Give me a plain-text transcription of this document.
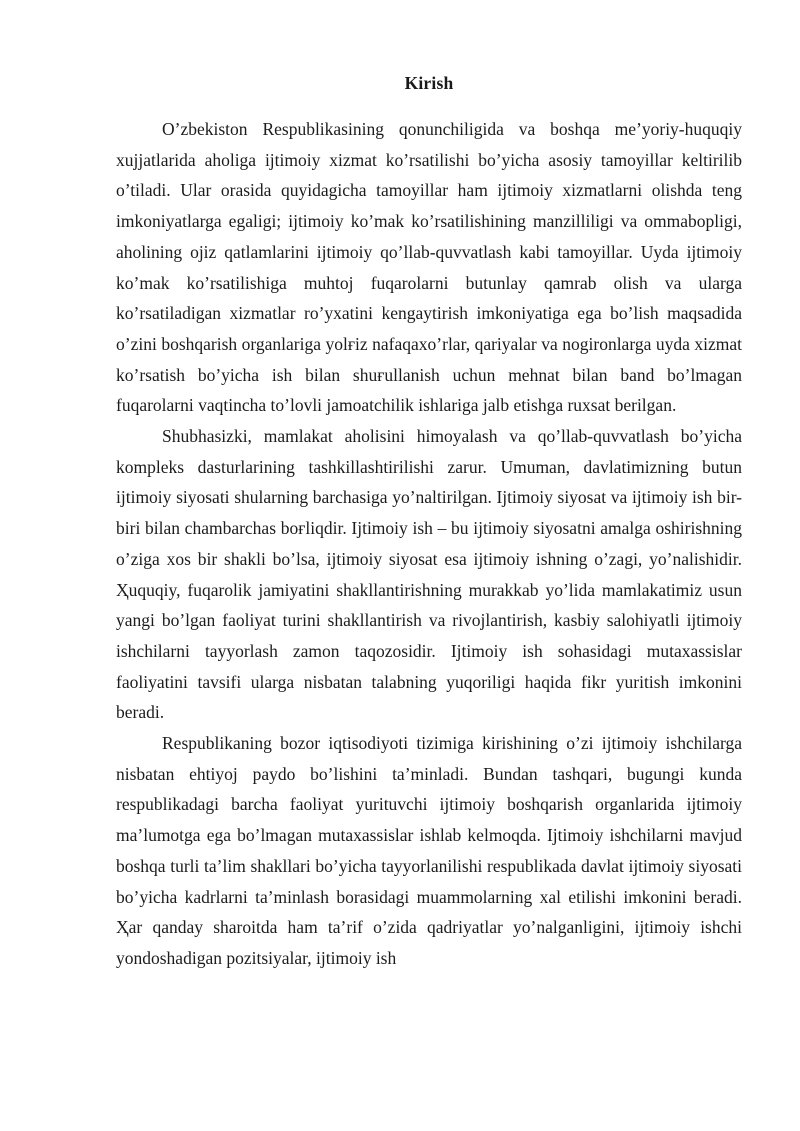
Kirish

O’zbekiston Respublikasining qonunchiligida va boshqa me’yoriy-huquqiy xujjatlarida aholiga ijtimoiy xizmat ko’rsatilishi bo’yicha asosiy tamoyillar keltirilib o’tiladi. Ular orasida quyidagicha tamoyillar ham ijtimoiy xizmatlarni olishda teng imkoniyatlarga egaligi; ijtimoiy ko’mak ko’rsatilishining manzilliligi va ommabopligi, aholining ojiz qatlamlarini ijtimoiy qo’llab-quvvatlash kabi tamoyillar. Uyda ijtimoiy ko’mak ko’rsatilishiga muhtoj fuqarolarni butunlay qamrab olish va ularga ko’rsatiladigan xizmatlar ro’yxatini kengaytirish imkoniyatiga ega bo’lish maqsadida o’zini boshqarish organlariga yolғiz nafaqaxo’rlar, qariyalar va nogironlarga uyda xizmat ko’rsatish bo’yicha ish bilan shuғullanish uchun mehnat bilan band bo’lmagan fuqarolarni vaqtincha to’lovli jamoatchilik ishlariga jalb etishga ruxsat berilgan.

Shubhasizki, mamlakat aholisini himoyalash va qo’llab-quvvatlash bo’yicha kompleks dasturlarining tashkillashtirilishi zarur. Umuman, davlatimizning butun ijtimoiy siyosati shularning barchasiga yo’naltirilgan. Ijtimoiy siyosat va ijtimoiy ish bir-biri bilan chambarchas boғliqdir. Ijtimoiy ish – bu ijtimoiy siyosatni amalga oshirishning o’ziga xos bir shakli bo’lsa, ijtimoiy siyosat esa ijtimoiy ishning o’zagi, yo’nalishidir. Ҳuquqiy, fuqarolik jamiyatini shakllantirishning murakkab yo’lida mamlakatimiz usun yangi bo’lgan faoliyat turini shakllantirish va rivojlantirish, kasbiy salohiyatli ijtimoiy ishchilarni tayyorlash zamon taqozosidir. Ijtimoiy ish sohasidagi mutaxassislar faoliyatini tavsifi ularga nisbatan talabning yuqoriligi haqida fikr yuritish imkonini beradi.

Respublikaning bozor iqtisodiyoti tizimiga kirishining o’zi ijtimoiy ishchilarga nisbatan ehtiyoj paydo bo’lishini ta’minladi. Bundan tashqari, bugungi kunda respublikadagi barcha faoliyat yurituvchi ijtimoiy boshqarish organlarida ijtimoiy ma’lumotga ega bo’lmagan mutaxassislar ishlab kelmoqda. Ijtimoiy ishchilarni mavjud boshqa turli ta’lim shakllari bo’yicha tayyorlanilishi respublikada davlat ijtimoiy siyosati bo’yicha kadrlarni ta’minlash borasidagi muammolarning xal etilishi imkonini beradi. Ҳar qanday sharoitda ham ta’rif o’zida qadriyatlar yo’nalganligini, ijtimoiy ishchi yondoshadigan pozitsiyalar, ijtimoiy ish
